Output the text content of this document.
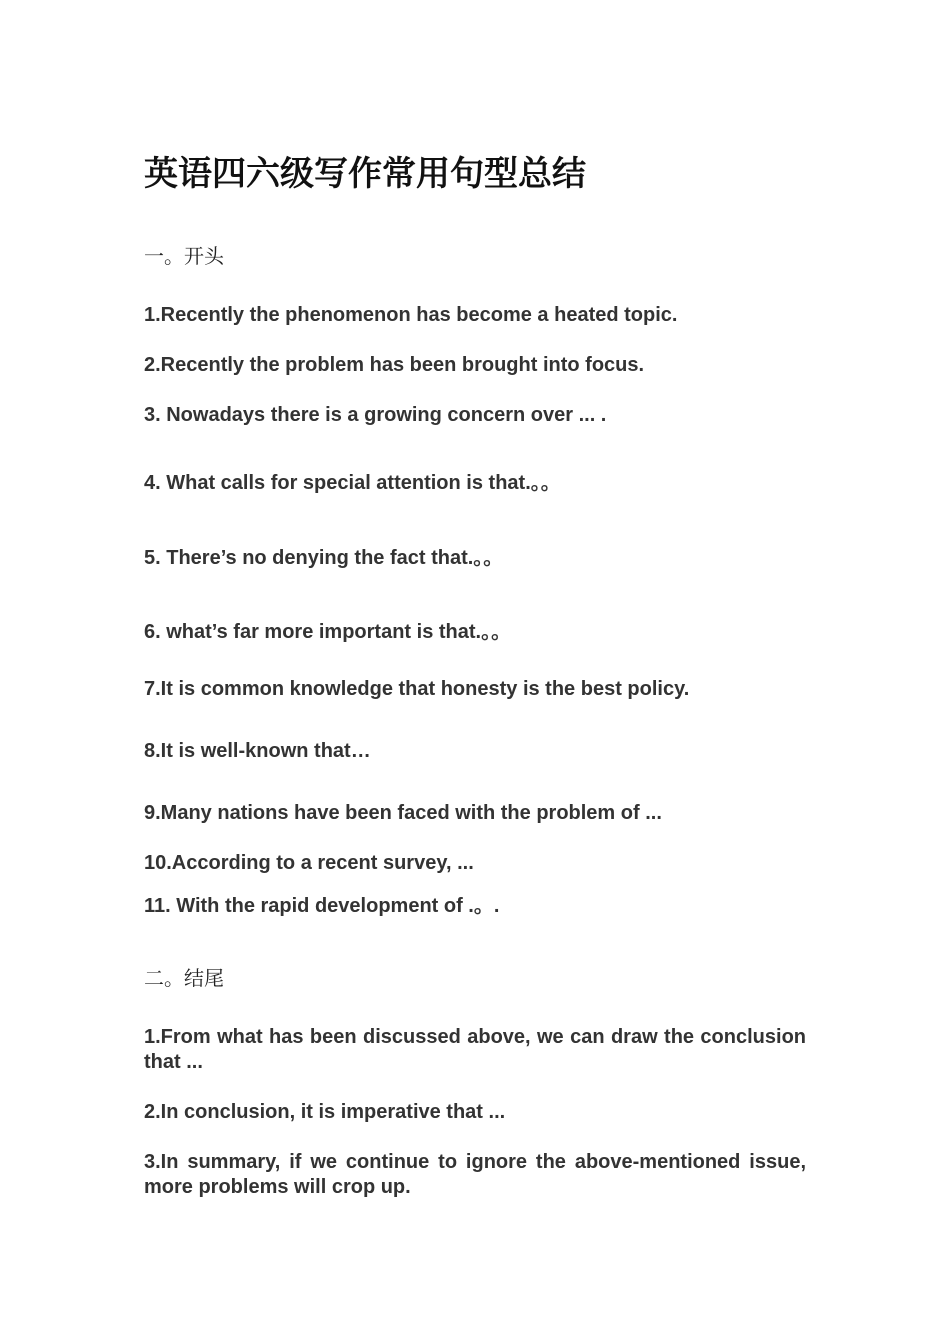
英语四六级写作常用句型总结
一。开头

1.Recently the phenomenon has become a heated topic.

2.Recently the problem has been brought into focus.

3. Nowadays there is a growing concern over ... .

4. What calls for special attention is that.。。

5. There’s no denying the fact that.。。

6. what’s far more important is that.。。

7.It is common knowledge that honesty is the best policy.

8.It is well-known that…

9.Many nations have been faced with the problem of ...

10.According to a recent survey, ...

11. With the rapid development of .。.

二。结尾

1.From what has been discussed above, we can draw the conclusion that ...

2.In conclusion, it is imperative that ...

3.In summary, if we continue to ignore the above-mentioned issue, more problems will crop up.
